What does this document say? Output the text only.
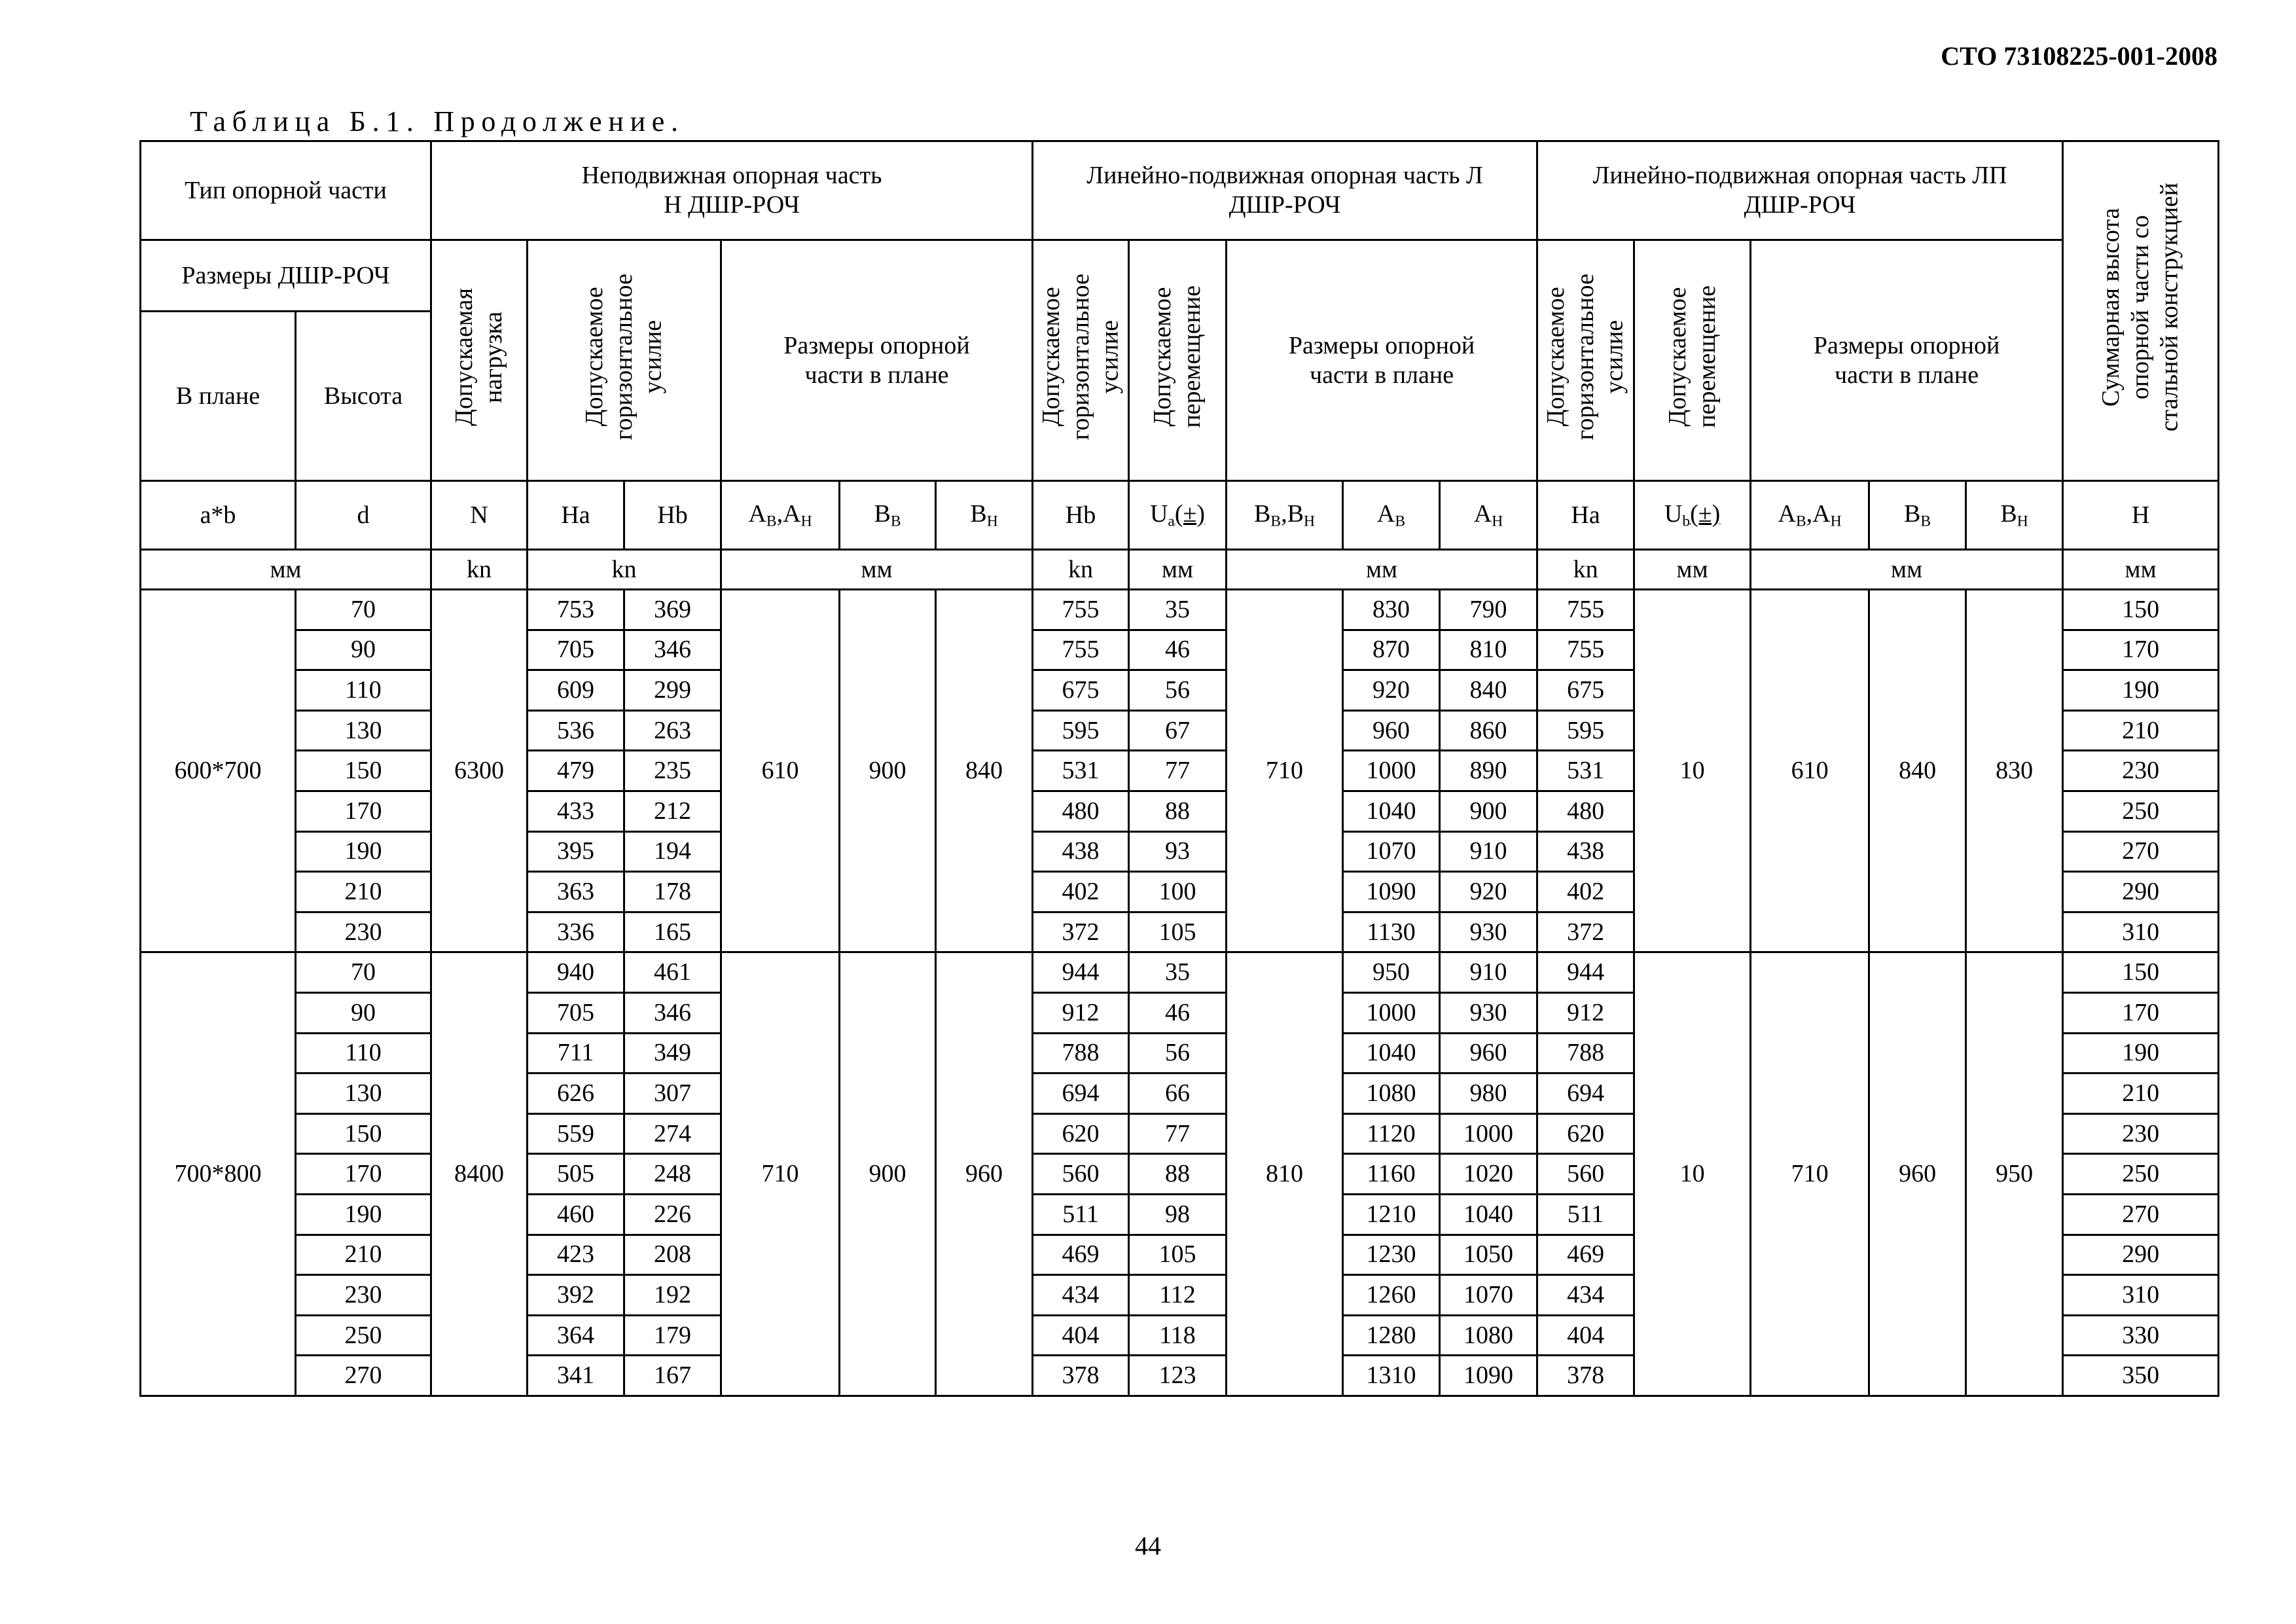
СТО 73108225-001-2008
Таблица Б.1. Продолжение.
Тип опорной части		Неподвижная опорная часть
Н ДШР-РОЧ						Линейно-подвижная опорная часть Л
ДШР-РОЧ					Линейно-подвижная опорная часть ЛП
ДШР-РОЧ					Суммарная высота
опорной части со
стальной конструкцией
Размеры ДШР-РОЧ		Допускаемая
нагрузка	Допускаемое
горизонтальное
усилие		Размеры опорной
части в плане			Допускаемое
горизонтальное
усилие	Допускаемое
перемещение	Размеры опорной
части в плане			Допускаемое
горизонтальное
усилие	Допускаемое
перемещение	Размеры опорной
части в плане			
В плане	Высота																	
a*b	d	N	Ha	Hb	$A_B,A_H$	$B_B$	$B_H$	Hb	$U_a(\pm)$	$B_B,B_H$	$A_B$	$A_H$	Ha	$U_b(\pm)$	$A_B,A_H$	$B_B$	$B_H$	H
мм		kn	kn		мм			kn	мм	мм			kn	мм	мм			мм
600*700	70	6300	753	369	610	900	840	755	35	710	830	790	755	10	610	840	830	150
	90		705	346				755	46		870	810	755					170
	110		609	299				675	56		920	840	675					190
	130		536	263				595	67		960	860	595					210
	150		479	235				531	77		1000	890	531					230
	170		433	212				480	88		1040	900	480					250
	190		395	194				438	93		1070	910	438					270
	210		363	178				402	100		1090	920	402					290
	230		336	165				372	105		1130	930	372					310
700*800	70	8400	940	461	710	900	960	944	35	810	950	910	944	10	710	960	950	150
	90		705	346				912	46		1000	930	912					170
	110		711	349				788	56		1040	960	788					190
	130		626	307				694	66		1080	980	694					210
	150		559	274				620	77		1120	1000	620					230
	170		505	248				560	88		1160	1020	560					250
	190		460	226				511	98		1210	1040	511					270
	210		423	208				469	105		1230	1050	469					290
	230		392	192				434	112		1260	1070	434					310
	250		364	179				404	118		1280	1080	404					330
	270		341	167				378	123		1310	1090	378					350
44
